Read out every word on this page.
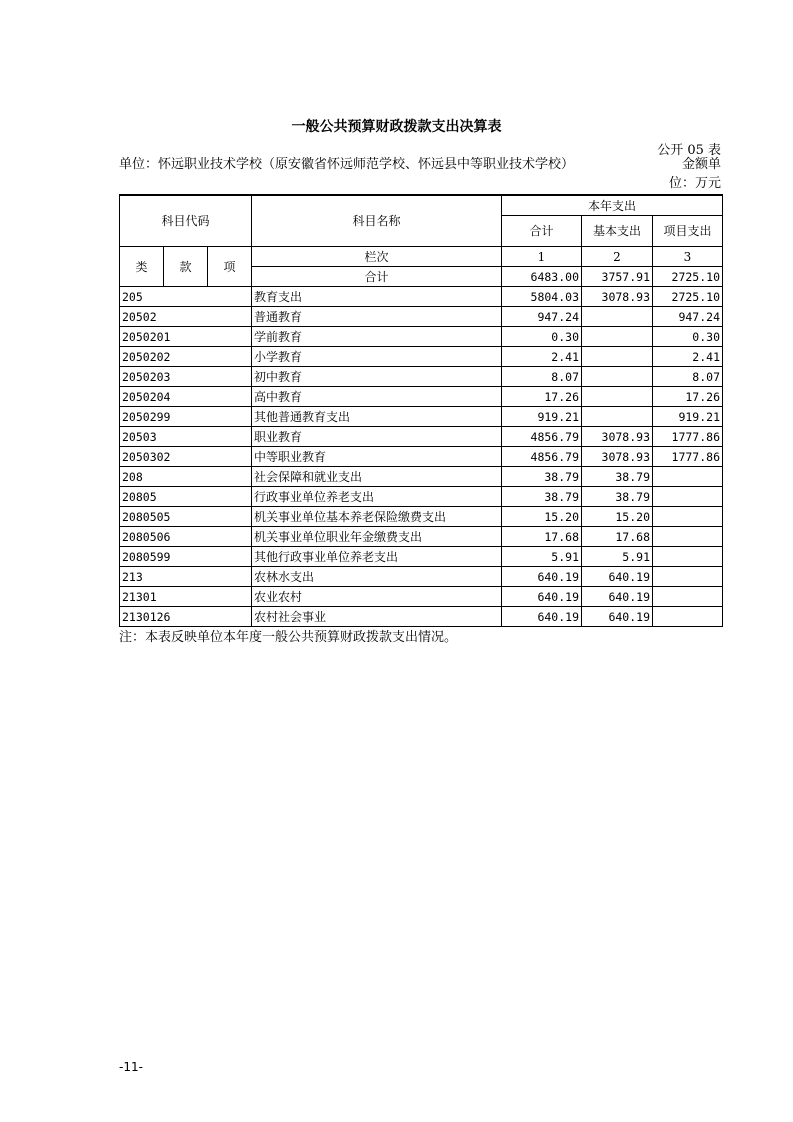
一般公共预算财政拨款支出决算表
公开 05 表
单位：怀远职业技术学校（原安徽省怀远师范学校、怀远县中等职业技术学校）	金额单位：万元
科目代码			科目名称	本年支出		
				合计	基本支出	项目支出
类	款	项	栏次	1	2	3
			合计	6483.00	3757.91	2725.10
205			教育支出	5804.03	3078.93	2725.10
20502			普通教育	947.24		947.24
2050201			学前教育	0.30		0.30
2050202			小学教育	2.41		2.41
2050203			初中教育	8.07		8.07
2050204			高中教育	17.26		17.26
2050299			其他普通教育支出	919.21		919.21
20503			职业教育	4856.79	3078.93	1777.86
2050302			中等职业教育	4856.79	3078.93	1777.86
208			社会保障和就业支出	38.79	38.79	
20805			行政事业单位养老支出	38.79	38.79	
2080505			机关事业单位基本养老保险缴费支出	15.20	15.20	
2080506			机关事业单位职业年金缴费支出	17.68	17.68	
2080599			其他行政事业单位养老支出	5.91	5.91	
213			农林水支出	640.19	640.19	
21301			农业农村	640.19	640.19	
2130126			农村社会事业	640.19	640.19	
注：本表反映单位本年度一般公共预算财政拨款支出情况。
-11-
